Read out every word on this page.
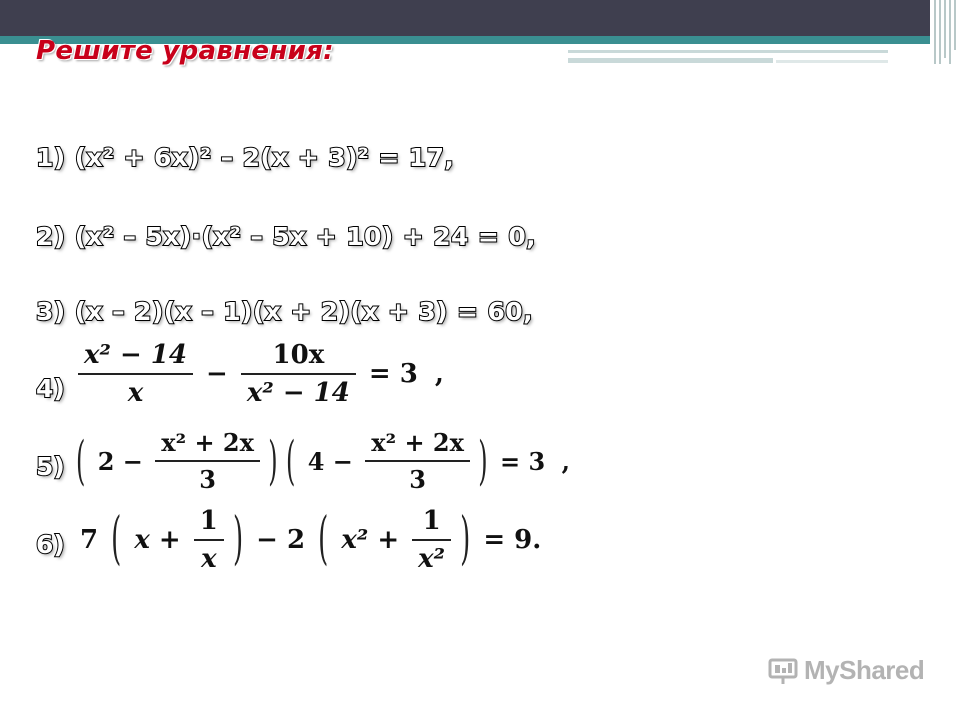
Решите уравнения:
1) (x² + 6x)² – 2(x + 3)² = 17,
2) (x² – 5x)·(x² – 5x + 10) + 24 = 0,
3) (x – 2)(x – 1)(x + 2)(x + 3) = 60,
$4) \frac{\text{x² − 14}}{x} - \frac{10x}{\text{x² − 14}} = 3$ ,
5) ( $2 - \frac{\text{x² + 2x}}{3}$ ) ( $4 - \frac{\text{x² + 2x}}{3}$ ) = 3 ,
6) 7 ( $x + \frac{1}{x}$ ) − 2 ( $x^2 + \frac{1}{\text{x²}}$ ) = 9.
MyShared
